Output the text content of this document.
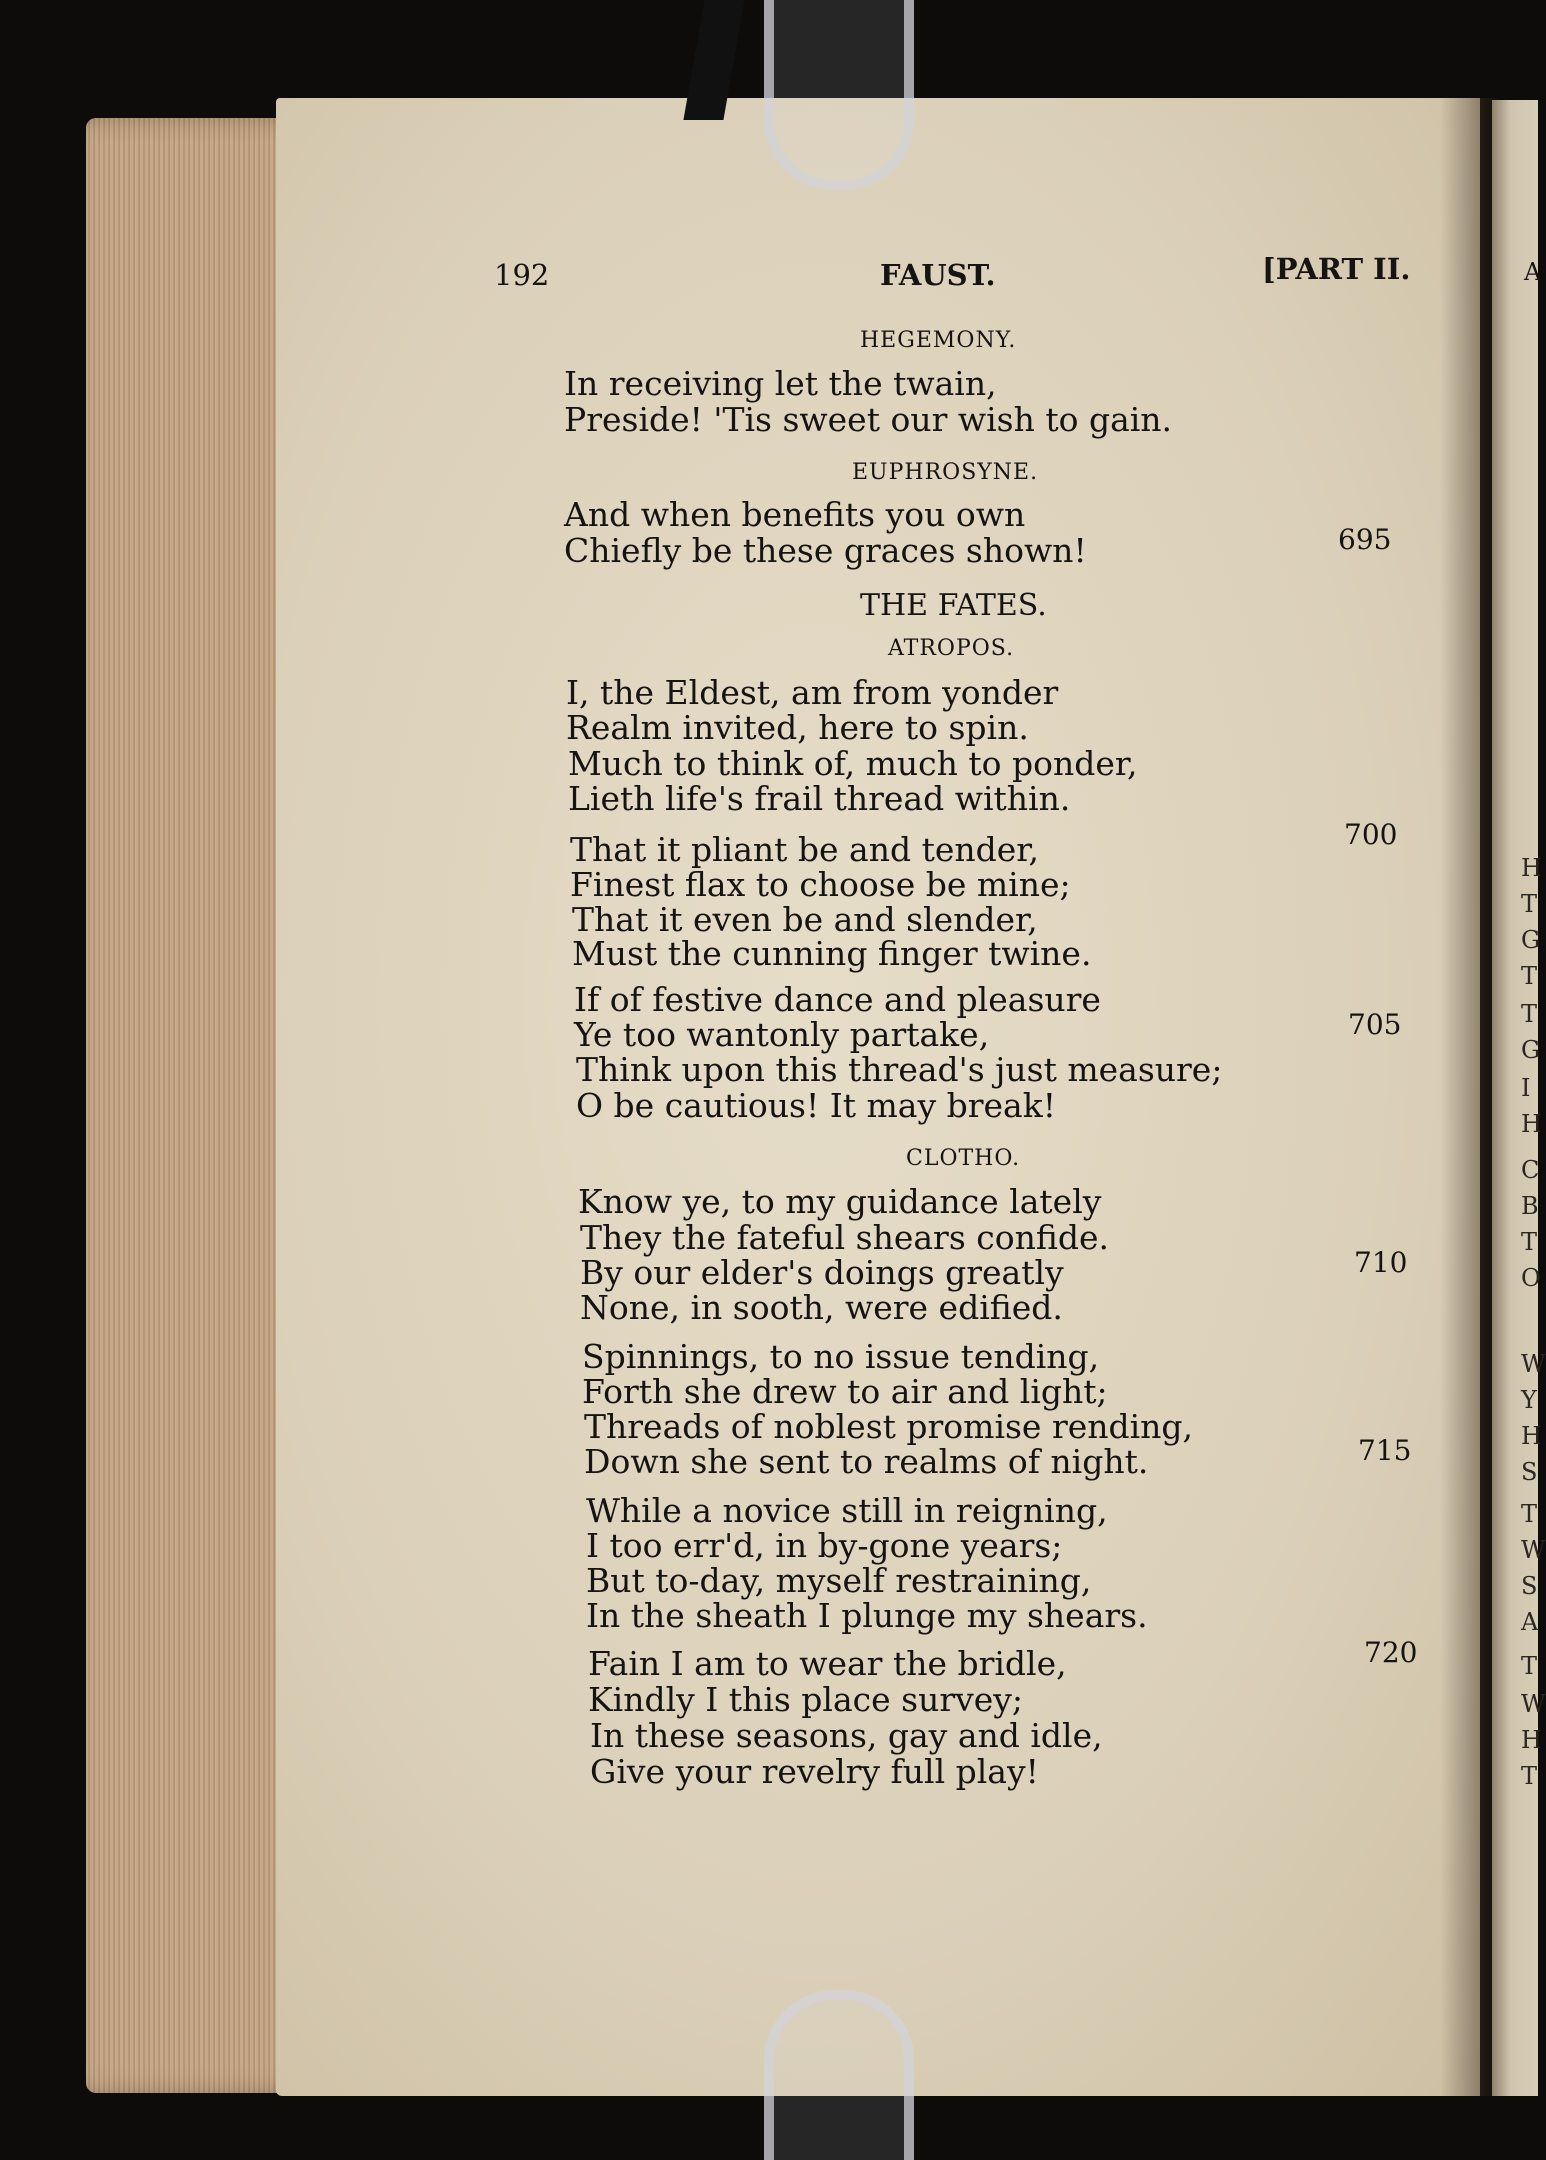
192	FAUST.	[PART II.	A
HEGEMONY.
In receiving let the twain,
Preside! 'Tis sweet our wish to gain.
EUPHROSYNE.
And when benefits you own
Chiefly be these graces shown!
THE FATES.
ATROPOS.
I, the Eldest, am from yonder
Realm invited, here to spin.
Much to think of, much to ponder,
Lieth life's frail thread within.
That it pliant be and tender,
Finest flax to choose be mine;
That it even be and slender,
Must the cunning finger twine.
If of festive dance and pleasure
Ye too wantonly partake,
Think upon this thread's just measure;
O be cautious! It may break!
CLOTHO.
Know ye, to my guidance lately
They the fateful shears confide.
By our elder's doings greatly
None, in sooth, were edified.
Spinnings, to no issue tending,
Forth she drew to air and light;
Threads of noblest promise rending,
Down she sent to realms of night.
While a novice still in reigning,
I too err'd, in by-gone years;
But to-day, myself restraining,
In the sheath I plunge my shears.
Fain I am to wear the bridle,
Kindly I this place survey;
In these seasons, gay and idle,
Give your revelry full play!
695
700
705
710
715
720
H
T
G
T
T
G
I
H
C
B
T
O
W
Y
H
S
T
W
S
A
T
W
H
T
